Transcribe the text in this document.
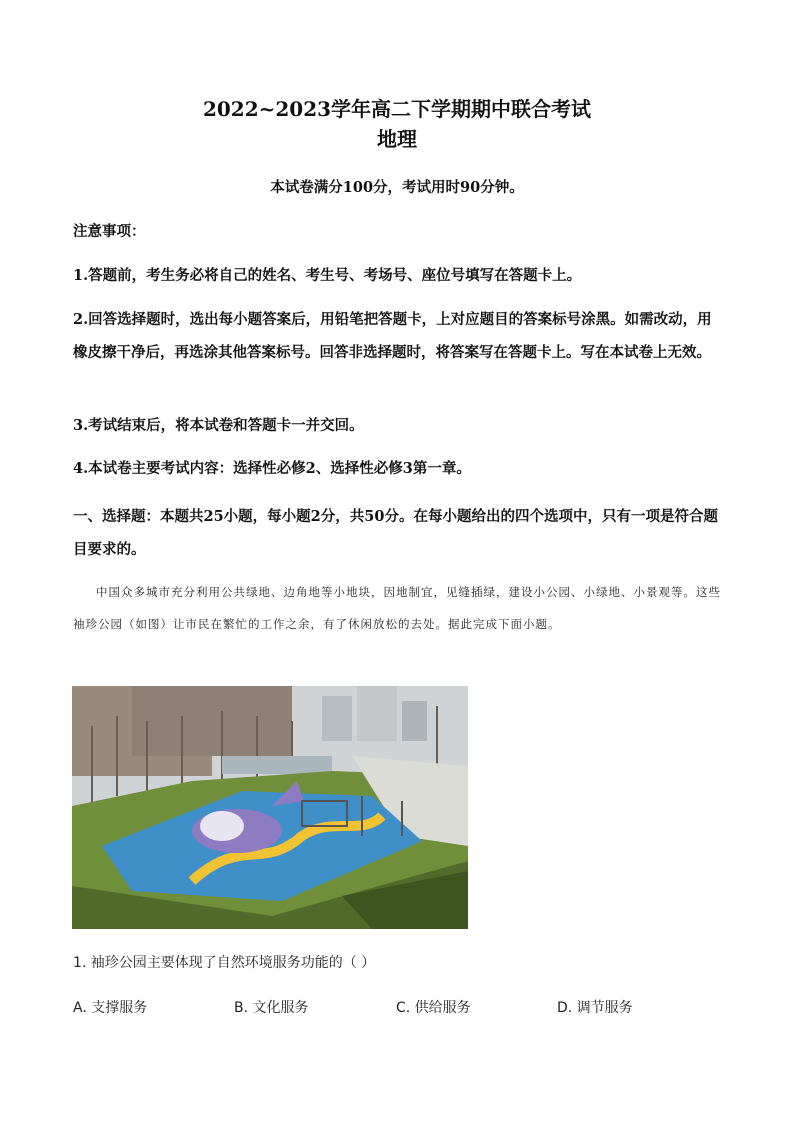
2022~2023学年高二下学期期中联合考试
地理
本试卷满分100分，考试用时90分钟。
注意事项：
1.答题前，考生务必将自己的姓名、考生号、考场号、座位号填写在答题卡上。
2.回答选择题时，选出每小题答案后，用铅笔把答题卡，上对应题目的答案标号涂黑。如需改动，用橡皮擦干净后，再选涂其他答案标号。回答非选择题时，将答案写在答题卡上。写在本试卷上无效。
3.考试结束后，将本试卷和答题卡一并交回。
4.本试卷主要考试内容：选择性必修2、选择性必修3第一章。
一、选择题：本题共25小题，每小题2分，共50分。在每小题给出的四个选项中，只有一项是符合题目要求的。
中国众多城市充分利用公共绿地、边角地等小地块，因地制宜，见缝插绿，建设小公园、小绿地、小景观等。这些袖珍公园（如图）让市民在繁忙的工作之余，有了休闲放松的去处。据此完成下面小题。
1. 袖珍公园主要体现了自然环境服务功能的（ ）
A. 支撑服务	B. 文化服务	C. 供给服务	D. 调节服务
